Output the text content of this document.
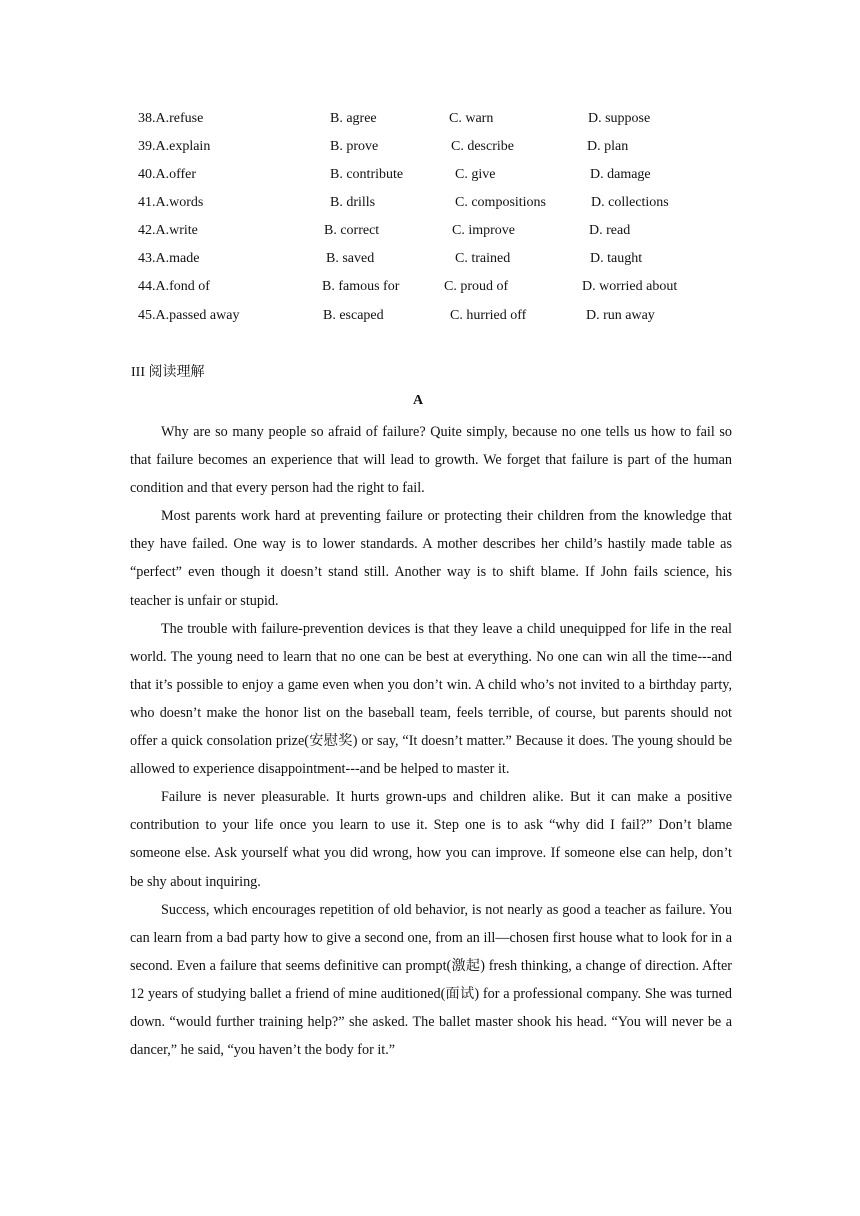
38.A.refuse	B. agree	C. warn	D. suppose
39.A.explain	B. prove	C. describe	D. plan
40.A.offer	B. contribute	C. give	D. damage
41.A.words	B. drills	C. compositions	D. collections
42.A.write	B. correct	C. improve	D. read
43.A.made	B. saved	C. trained	D. taught
44.A.fond of	B. famous for	C. proud of	D. worried about
45.A.passed away	B. escaped	C. hurried off	D. run away
III 阅读理解
A

Why are so many people so afraid of failure? Quite simply, because no one tells us how to fail so that failure becomes an experience that will lead to growth. We forget that failure is part of the human condition and that every person had the right to fail.

Most parents work hard at preventing failure or protecting their children from the knowledge that they have failed. One way is to lower standards. A mother describes her child’s hastily made table as “perfect” even though it doesn’t stand still. Another way is to shift blame. If John fails science, his teacher is unfair or stupid.

The trouble with failure-prevention devices is that they leave a child unequipped for life in the real world. The young need to learn that no one can be best at everything. No one can win all the time---and that it’s possible to enjoy a game even when you don’t win. A child who’s not invited to a birthday party, who doesn’t make the honor list on the baseball team, feels terrible, of course, but parents should not offer a quick consolation prize(安慰奖) or say, “It doesn’t matter.” Because it does. The young should be allowed to experience disappointment---and be helped to master it.

Failure is never pleasurable. It hurts grown-ups and children alike. But it can make a positive contribution to your life once you learn to use it. Step one is to ask “why did I fail?” Don’t blame someone else. Ask yourself what you did wrong, how you can improve. If someone else can help, don’t be shy about inquiring.

Success, which encourages repetition of old behavior, is not nearly as good a teacher as failure. You can learn from a bad party how to give a second one, from an ill—chosen first house what to look for in a second. Even a failure that seems definitive can prompt(激起) fresh thinking, a change of direction. After 12 years of studying ballet a friend of mine auditioned(面试) for a professional company. She was turned down. “would further training help?” she asked. The ballet master shook his head. “You will never be a dancer,” he said, “you haven’t the body for it.”
